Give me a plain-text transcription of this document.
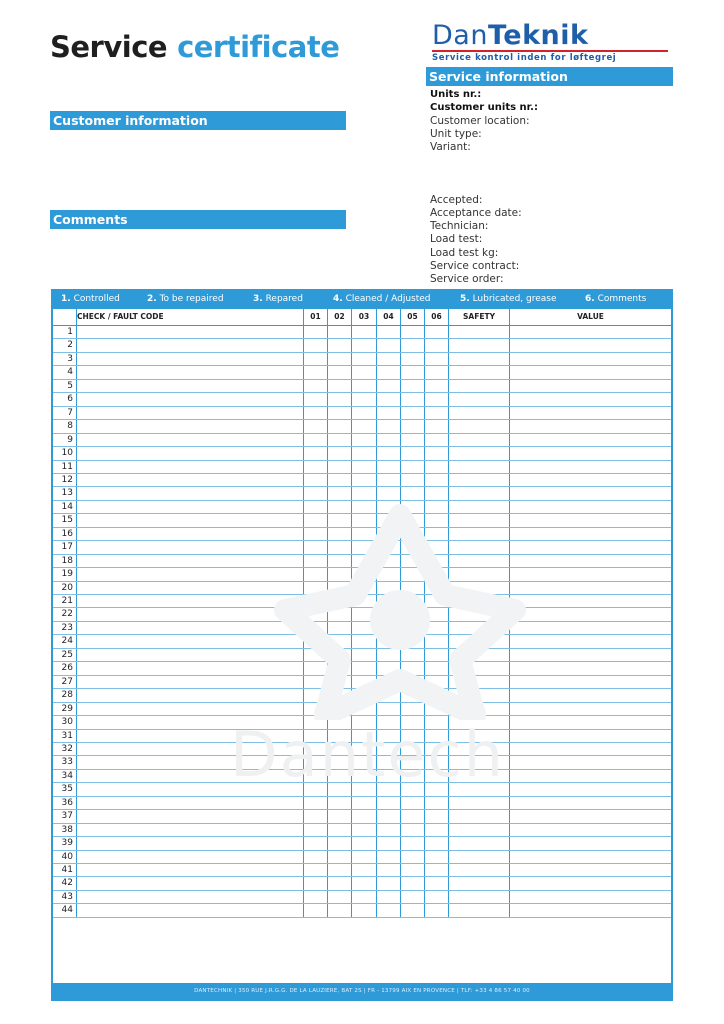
Service certificate	DanTeknik
Service kontrol inden for løftegrej
Service information
Customer information
Comments
Units nr.:
Customer units nr.:
Customer location:
Unit type:
Variant:
Accepted:
Acceptance date:
Technician:
Load test:
Load test kg:
Service contract:
Service order:
1. Controlled	2. To be repaired	3. Repared	4. Cleaned / Adjusted	5. Lubricated, grease	6. Comments
CHECK / FAULT CODE	01	02	03	04	05	06	SAFETY	VALUE
1
2
3
4
5
6
7
8
9
10
11
12
13
14
15
16
17
18
19
20
21
22
23
24
25
26
27
28
29
30
31
32
33
34
35
36
37
38
39
40
41
42
43
44
DANTECHNIK | 350 RUE J.R.G.G. DE LA LAUZIERE, BAT 2S | FR - 13799 AIX EN PROVENCE | TLF: +33 4 86 57 40 00
Dantech
